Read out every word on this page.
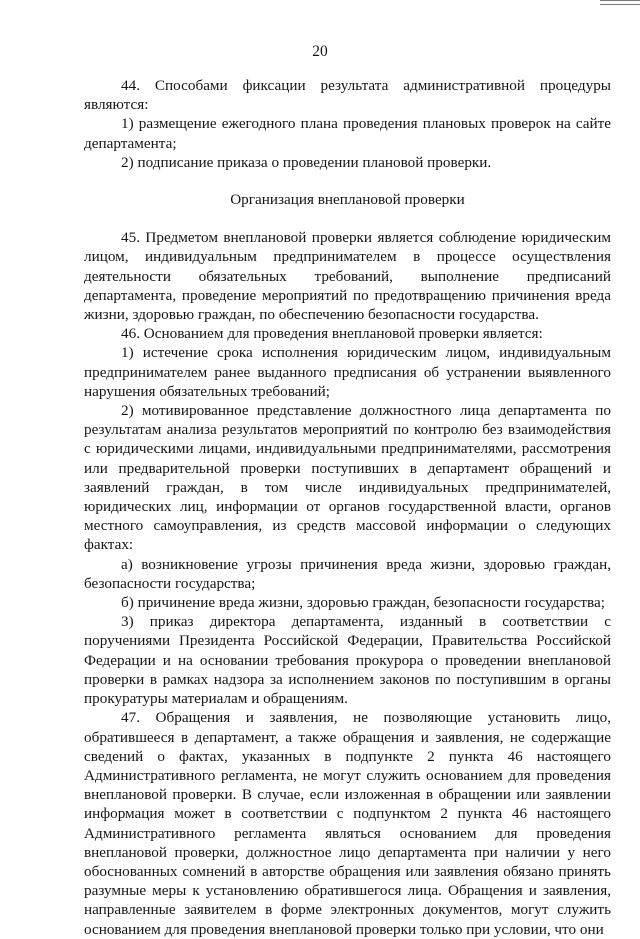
20

44. Способами фиксации результата административной процедуры являются:

1) размещение ежегодного плана проведения плановых проверок на сайте департамента;

2) подписание приказа о проведении плановой проверки.

Организация внеплановой проверки

45. Предметом внеплановой проверки является соблюдение юридическим лицом, индивидуальным предпринимателем в процессе осуществления деятельности обязательных требований, выполнение предписаний департамента, проведение мероприятий по предотвращению причинения вреда жизни, здоровью граждан, по обеспечению безопасности государства.

46. Основанием для проведения внеплановой проверки является:

1) истечение срока исполнения юридическим лицом, индивидуальным предпринимателем ранее выданного предписания об устранении выявленного нарушения обязательных требований;

2) мотивированное представление должностного лица департамента по результатам анализа результатов мероприятий по контролю без взаимодействия с юридическими лицами, индивидуальными предпринимателями, рассмотрения или предварительной проверки поступивших в департамент обращений и заявлений граждан, в том числе индивидуальных предпринимателей, юридических лиц, информации от органов государственной власти, органов местного самоуправления, из средств массовой информации о следующих фактах:

а) возникновение угрозы причинения вреда жизни, здоровью граждан, безопасности государства;

б) причинение вреда жизни, здоровью граждан, безопасности государства;

3) приказ директора департамента, изданный в соответствии с поручениями Президента Российской Федерации, Правительства Российской Федерации и на основании требования прокурора о проведении внеплановой проверки в рамках надзора за исполнением законов по поступившим в органы прокуратуры материалам и обращениям.

47. Обращения и заявления, не позволяющие установить лицо, обратившееся в департамент, а также обращения и заявления, не содержащие сведений о фактах, указанных в подпункте 2 пункта 46 настоящего Административного регламента, не могут служить основанием для проведения внеплановой проверки. В случае, если изложенная в обращении или заявлении информация может в соответствии с подпунктом 2 пункта 46 настоящего Административного регламента являться основанием для проведения внеплановой проверки, должностное лицо департамента при наличии у него обоснованных сомнений в авторстве обращения или заявления обязано принять разумные меры к установлению обратившегося лица. Обращения и заявления, направленные заявителем в форме электронных документов, могут служить основанием для проведения внеплановой проверки только при условии, что они
